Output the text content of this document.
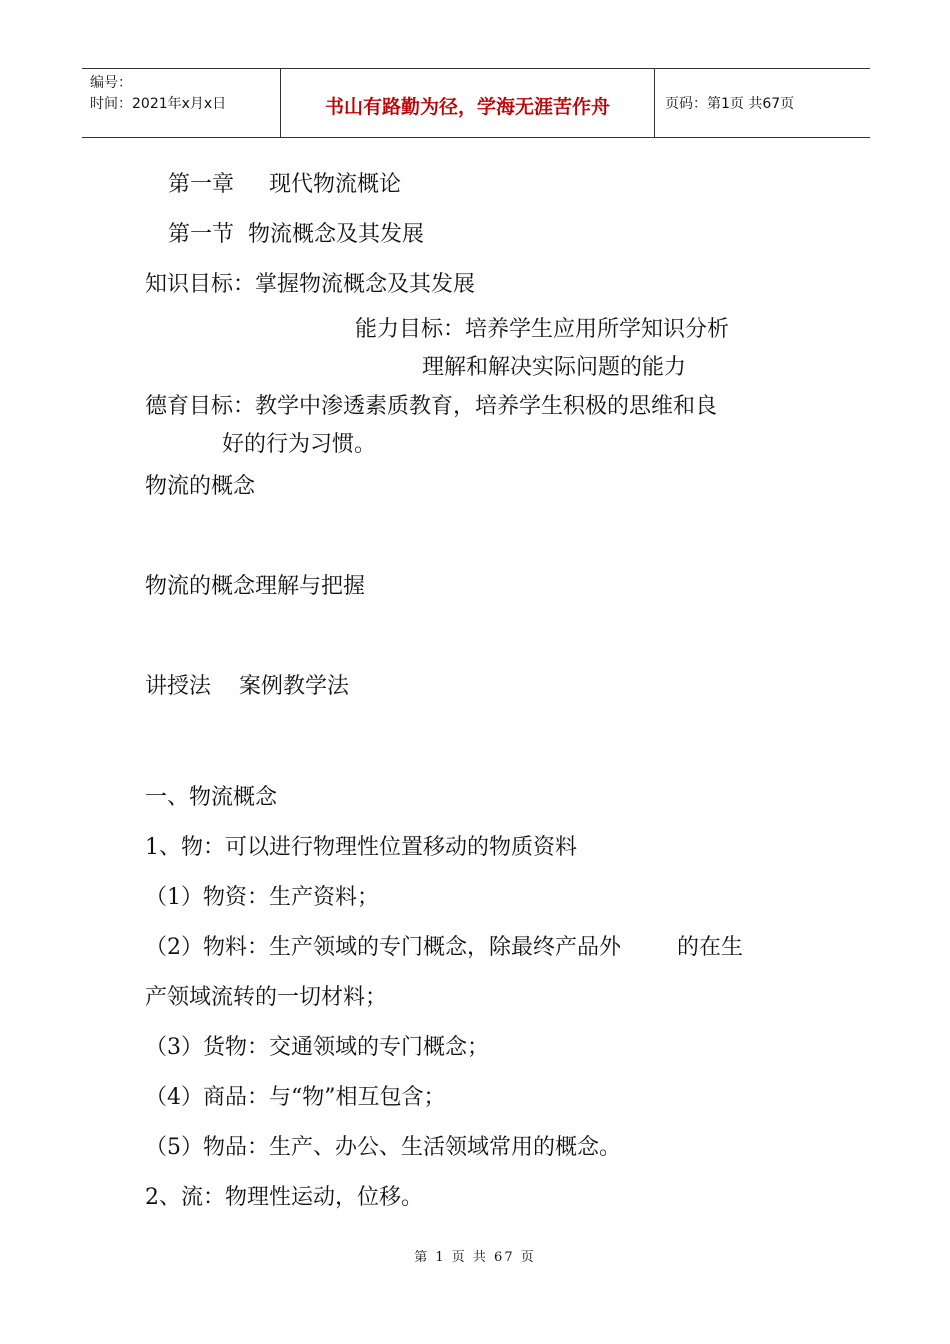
编号：
时间：2021年x月x日	书山有路勤为径，学海无涯苦作舟	页码：第1页 共67页
第一章     现代物流概论
第一节  物流概念及其发展
知识目标：掌握物流概念及其发展
能力目标：培养学生应用所学知识分析
理解和解决实际问题的能力
德育目标：教学中渗透素质教育，培养学生积极的思维和良
好的行为习惯。
物流的概念
物流的概念理解与把握
讲授法    案例教学法
一、物流概念
1、物：可以进行物理性位置移动的物质资料
（1）物资：生产资料；
（2）物料：生产领域的专门概念，除最终产品外        的在生
产领域流转的一切材料；
（3）货物：交通领域的专门概念；
（4）商品：与“物”相互包含；
（5）物品：生产、办公、生活领域常用的概念。
2、流：物理性运动，位移。
第 1 页 共 67 页
